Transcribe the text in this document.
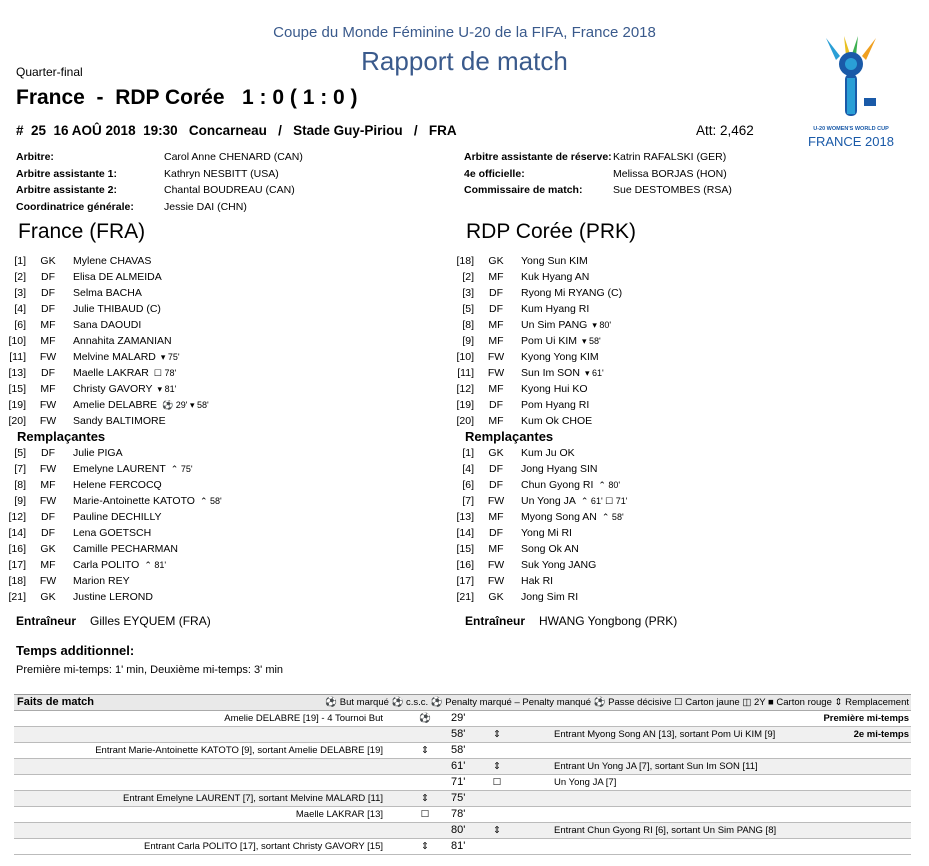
Coupe du Monde Féminine U-20 de la FIFA, France 2018
Rapport de match
Quarter-final
France  -  RDP Corée   1 : 0 ( 1 : 0 )
#  25  16 AOÛ 2018  19:30   Concarneau   /   Stade Guy-Piriou   /   FRA	Att: 2,462
FIFA
U-20 WOMEN'S WORLD CUP
FRANCE 2018
Arbitre:	Carol Anne CHENARD (CAN)
Arbitre assistante 1:	Kathryn NESBITT (USA)
Arbitre assistante 2:	Chantal BOUDREAU (CAN)
Coordinatrice générale:	Jessie DAI (CHN)
Arbitre assistante de réserve: Katrin RAFALSKI (GER)
4e officielle:	Melissa BORJAS (HON)
Commissaire de match:	Sue DESTOMBES (RSA)
France (FRA)	RDP Corée (PRK)
[1] GK Mylene CHAVAS
[2] DF Elisa DE ALMEIDA
[3] DF Selma BACHA
[4] DF Julie THIBAUD (C)
[6] MF Sana DAOUDI
[10] MF Annahita ZAMANIAN
[11] FW Melvine MALARD ▾ 75'
[13] DF Maelle LAKRAR ☐ 78'
[15] MF Christy GAVORY ▾ 81'
[19] FW Amelie DELABRE ⚽ 29' ▾ 58'
[20] FW Sandy BALTIMORE
Remplaçantes
[5] DF Julie PIGA
[7] FW Emelyne LAURENT ⌃ 75'
[8] MF Helene FERCOCQ
[9] FW Marie-Antoinette KATOTO ⌃ 58'
[12] DF Pauline DECHILLY
[14] DF Lena GOETSCH
[16] GK Camille PECHARMAN
[17] MF Carla POLITO ⌃ 81'
[18] FW Marion REY
[21] GK Justine LEROND
[18] GK Yong Sun KIM
[2] MF Kuk Hyang AN
[3] DF Ryong Mi RYANG (C)
[5] DF Kum Hyang RI
[8] MF Un Sim PANG ▾ 80'
[9] MF Pom Ui KIM ▾ 58'
[10] FW Kyong Yong KIM
[11] FW Sun Im SON ▾ 61'
[12] MF Kyong Hui KO
[19] DF Pom Hyang RI
[20] MF Kum Ok CHOE
Remplaçantes
[1] GK Kum Ju OK
[4] DF Jong Hyang SIN
[6] DF Chun Gyong RI ⌃ 80'
[7] FW Un Yong JA ⌃ 61' ☐ 71'
[13] MF Myong Song AN ⌃ 58'
[14] DF Yong Mi RI
[15] MF Song Ok AN
[16] FW Suk Yong JANG
[17] FW Hak RI
[21] GK Jong Sim RI
Entraîneur Gilles EYQUEM (FRA)	Entraîneur HWANG Yongbong (PRK)
Temps additionnel:
Première mi-temps: 1' min, Deuxième mi-temps: 3' min
Faits de match	⚽ But marqué ⚽ c.s.c. ⚽ Penalty marqué – Penalty manqué ⚽ Passe décisive ☐ Carton jaune ◫ 2Y ■ Carton rouge ⇕ Remplacement
Amelie DELABRE [19] - 4 Tournoi But	⚽ 29'	Première mi-temps
58'	⇕	Entrant Myong Song AN [13], sortant Pom Ui KIM [9]	2e mi-temps
Entrant Marie-Antoinette KATOTO [9], sortant Amelie DELABRE [19]	⇕ 58'
61'	⇕	Entrant Un Yong JA [7], sortant Sun Im SON [11]
71'	☐	Un Yong JA [7]
Entrant Emelyne LAURENT [7], sortant Melvine MALARD [11]	⇕ 75'
Maelle LAKRAR [13]	☐ 78'
80'	⇕	Entrant Chun Gyong RI [6], sortant Un Sim PANG [8]
Entrant Carla POLITO [17], sortant Christy GAVORY [15]	⇕ 81'
